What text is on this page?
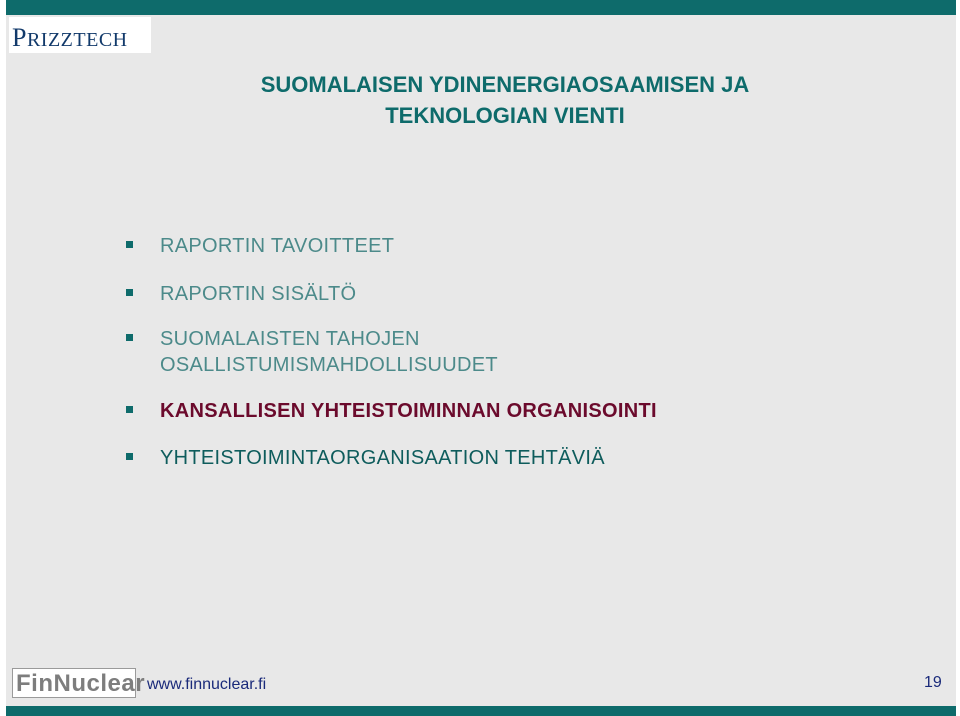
PRIZZTECH
SUOMALAISEN YDINENERGIAOSAAMISEN JA
TEKNOLOGIAN VIENTI
RAPORTIN TAVOITTEET
RAPORTIN SISÄLTÖ
SUOMALAISTEN TAHOJEN
OSALLISTUMISMAHDOLLISUUDET
KANSALLISEN YHTEISTOIMINNAN ORGANISOINTI
YHTEISTOIMINTAORGANISAATION TEHTÄVIÄ
FinNuclear www.finnuclear.fi	19
